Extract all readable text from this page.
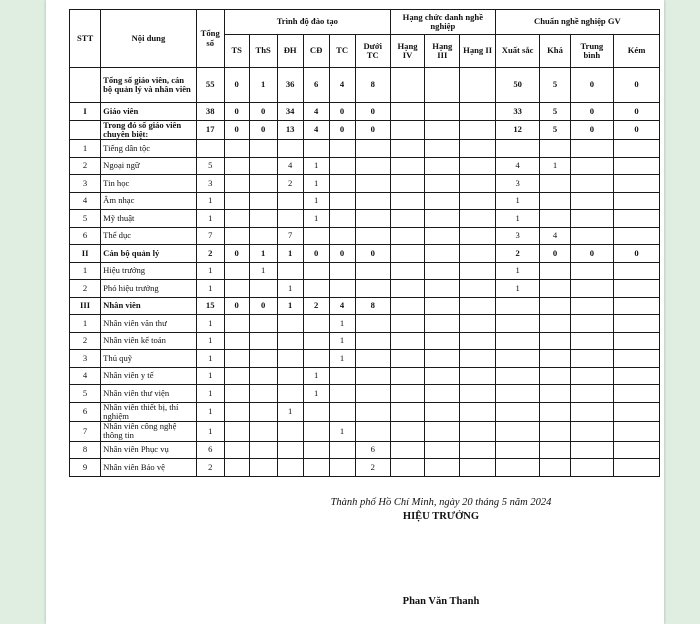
STT	Nội dung	Tổng số	Trình độ đào tạo						Hạng chức danh nghề nghiệp			Chuẩn nghề nghiệp GV			
			TS	ThS	ĐH	CĐ	TC	Dưới TC	Hạng IV	Hạng III	Hạng II	Xuất sắc	Khá	Trung bình	Kém
	Tổng số giáo viên, cán bộ quản lý và nhân viên	55	0	1	36	6	4	8				50	5	0	0
I	Giáo viên	38	0	0	34	4	0	0				33	5	0	0
	Trong đó số giáo viên chuyên biệt:	17	0	0	13	4	0	0				12	5	0	0
1	Tiếng dân tộc														
2	Ngoại ngữ	5			4	1						4	1		
3	Tin học	3			2	1						3			
4	Âm nhạc	1				1						1			
5	Mỹ thuật	1				1						1			
6	Thể dục	7			7							3	4		
II	Cán bộ quản lý	2	0	1	1	0	0	0				2	0	0	0
1	Hiệu trưởng	1		1								1			
2	Phó hiệu trưởng	1			1							1			
III	Nhân viên	15	0	0	1	2	4	8							
1	Nhân viên văn thư	1					1								
2	Nhân viên kế toán	1					1								
3	Thủ quỹ	1					1								
4	Nhân viên y tế	1				1									
5	Nhân viên thư viện	1				1									
6	Nhân viên thiết bị, thí nghiệm	1			1										
7	Nhân viên công nghệ thông tin	1					1								
8	Nhân viên Phục vụ	6						6							
9	Nhân viên Bảo vệ	2						2							
Thành phố Hồ Chí Minh, ngày 20 tháng 5 năm 2024
HIỆU TRƯỞNG
Phan Văn Thanh
